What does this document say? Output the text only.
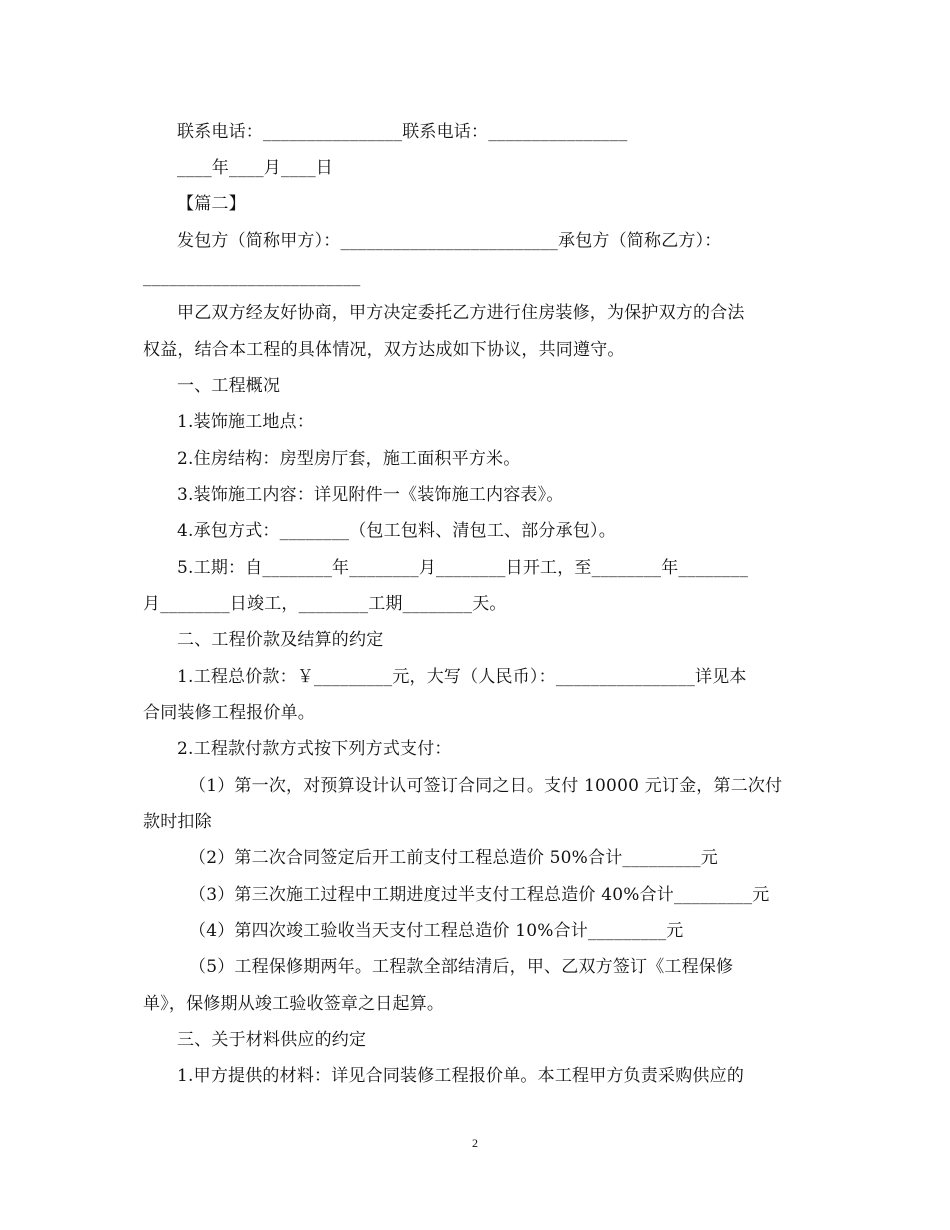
联系电话：________________联系电话：________________
____年____月____日
【篇二】
发包方（简称甲方）：_________________________承包方（简称乙方）：
_________________________
甲乙双方经友好协商，甲方决定委托乙方进行住房装修，为保护双方的合法
权益，结合本工程的具体情况，双方达成如下协议，共同遵守。
一、工程概况
1.装饰施工地点：
2.住房结构：房型房厅套，施工面积平方米。
3.装饰施工内容：详见附件一《装饰施工内容表》。
4.承包方式：________（包工包料、清包工、部分承包）。
5.工期：自________年________月________日开工，至________年________
月________日竣工，________工期________天。
二、工程价款及结算的约定
1.工程总价款：￥_________元，大写（人民币）：________________详见本
合同装修工程报价单。
2.工程款付款方式按下列方式支付：
（1）第一次，对预算设计认可签订合同之日。支付 10000 元订金，第二次付
款时扣除
（2）第二次合同签定后开工前支付工程总造价 50%合计_________元
（3）第三次施工过程中工期进度过半支付工程总造价 40%合计_________元
（4）第四次竣工验收当天支付工程总造价 10%合计_________元
（5）工程保修期两年。工程款全部结清后，甲、乙双方签订《工程保修
单》，保修期从竣工验收签章之日起算。
三、关于材料供应的约定
1.甲方提供的材料：详见合同装修工程报价单。本工程甲方负责采购供应的
2
